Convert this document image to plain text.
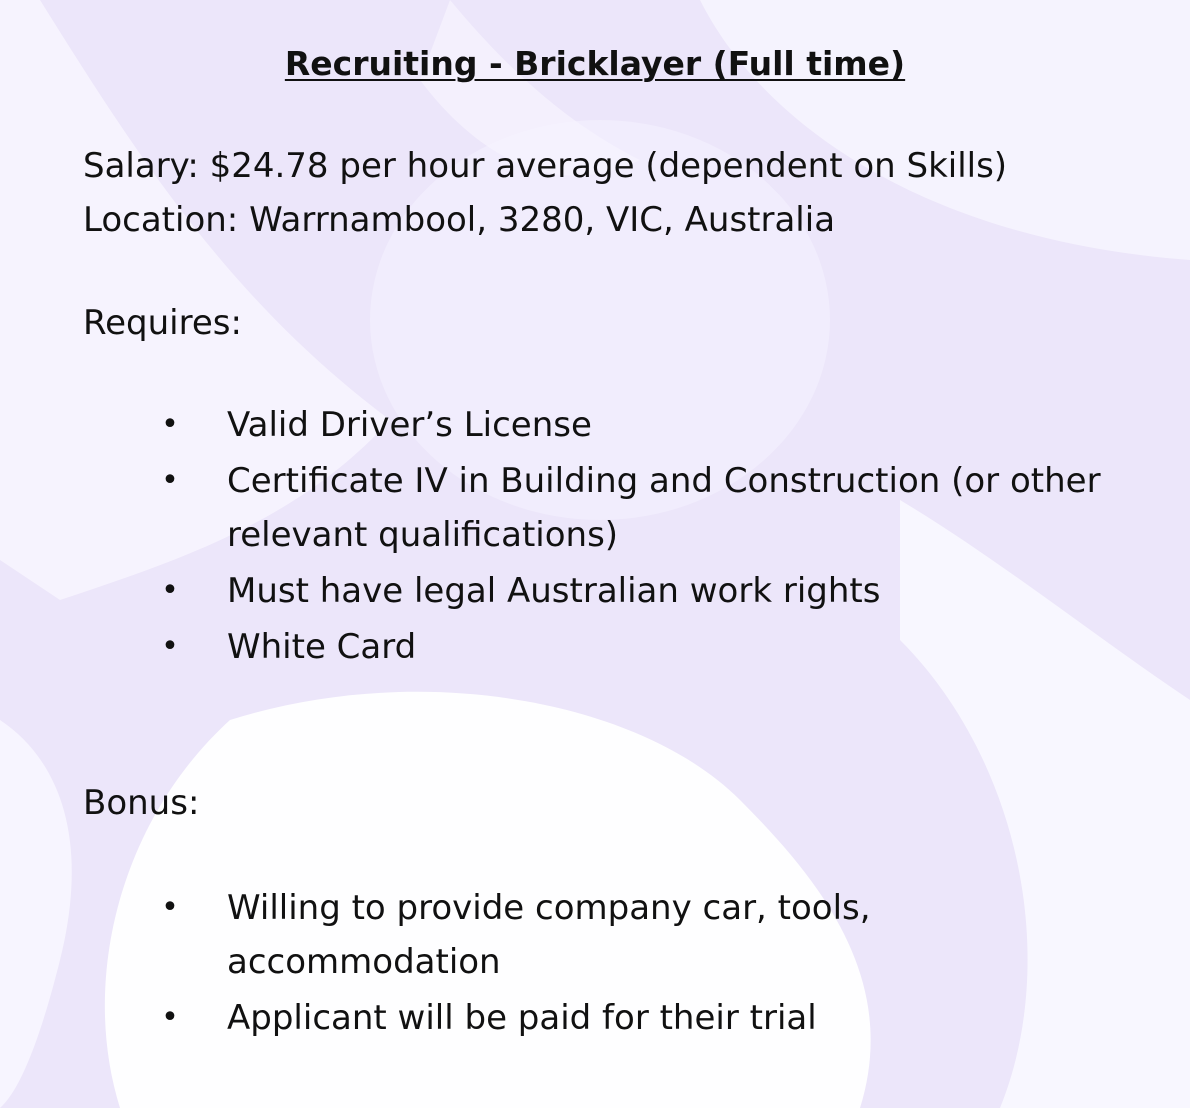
Recruiting - Bricklayer (Full time)

Salary: $24.78 per hour average (dependent on Skills)

Location: Warrnambool, 3280, VIC, Australia

Requires:

• Valid Driver’s License
• Certificate IV in Building and Construction (or other relevant qualifications)
• Must have legal Australian work rights
• White Card

Bonus:

• Willing to provide company car, tools, accommodation
• Applicant will be paid for their trial
